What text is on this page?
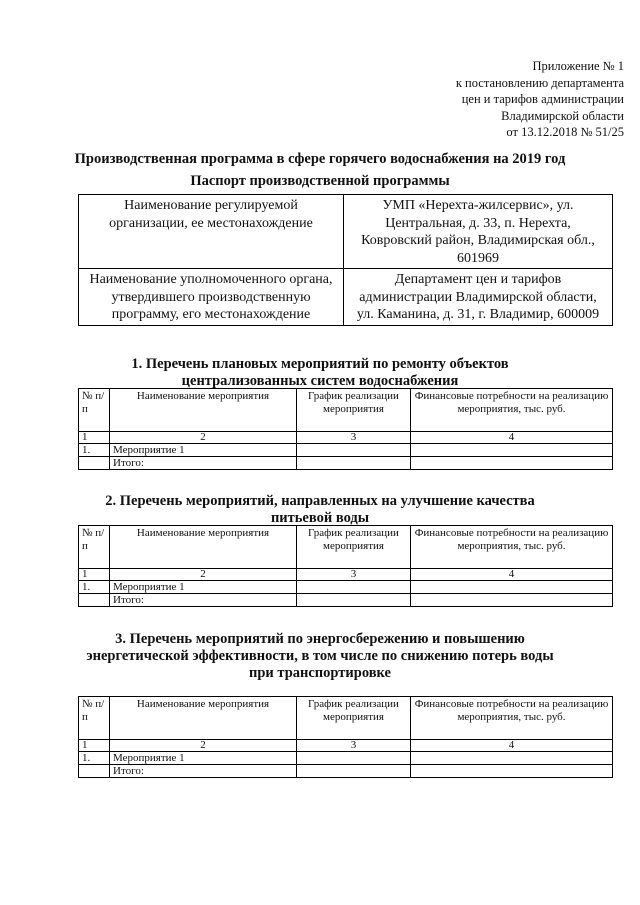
Приложение № 1
к постановлению департамента
цен и тарифов администрации
Владимирской области
от 13.12.2018 № 51/25
Производственная программа в сфере горячего водоснабжения на 2019 год
Паспорт производственной программы
Наименование регулируемой организации, ее местонахождение	УМП «Нерехта-жилсервис», ул. Центральная, д. 33, п. Нерехта, Ковровский район, Владимирская обл., 601969
Наименование уполномоченного органа, утвердившего производственную программу, его местонахождение	Департамент цен и тарифов администрации Владимирской области, ул. Каманина, д. 31, г. Владимир, 600009
1. Перечень плановых мероприятий по ремонту объектов
централизованных систем водоснабжения
№ п/п	Наименование мероприятия	График реализации мероприятия	Финансовые потребности на реализацию мероприятия, тыс. руб.
1	2	3	4
1.	Мероприятие 1		
	Итого:		
2. Перечень мероприятий, направленных на улучшение качества
питьевой воды
№ п/п	Наименование мероприятия	График реализации мероприятия	Финансовые потребности на реализацию мероприятия, тыс. руб.
1	2	3	4
1.	Мероприятие 1		
	Итого:		
3. Перечень мероприятий по энергосбережению и повышению
энергетической эффективности, в том числе по снижению потерь воды
при транспортировке
№ п/п	Наименование мероприятия	График реализации мероприятия	Финансовые потребности на реализацию мероприятия, тыс. руб.
1	2	3	4
1.	Мероприятие 1		
	Итого:		
